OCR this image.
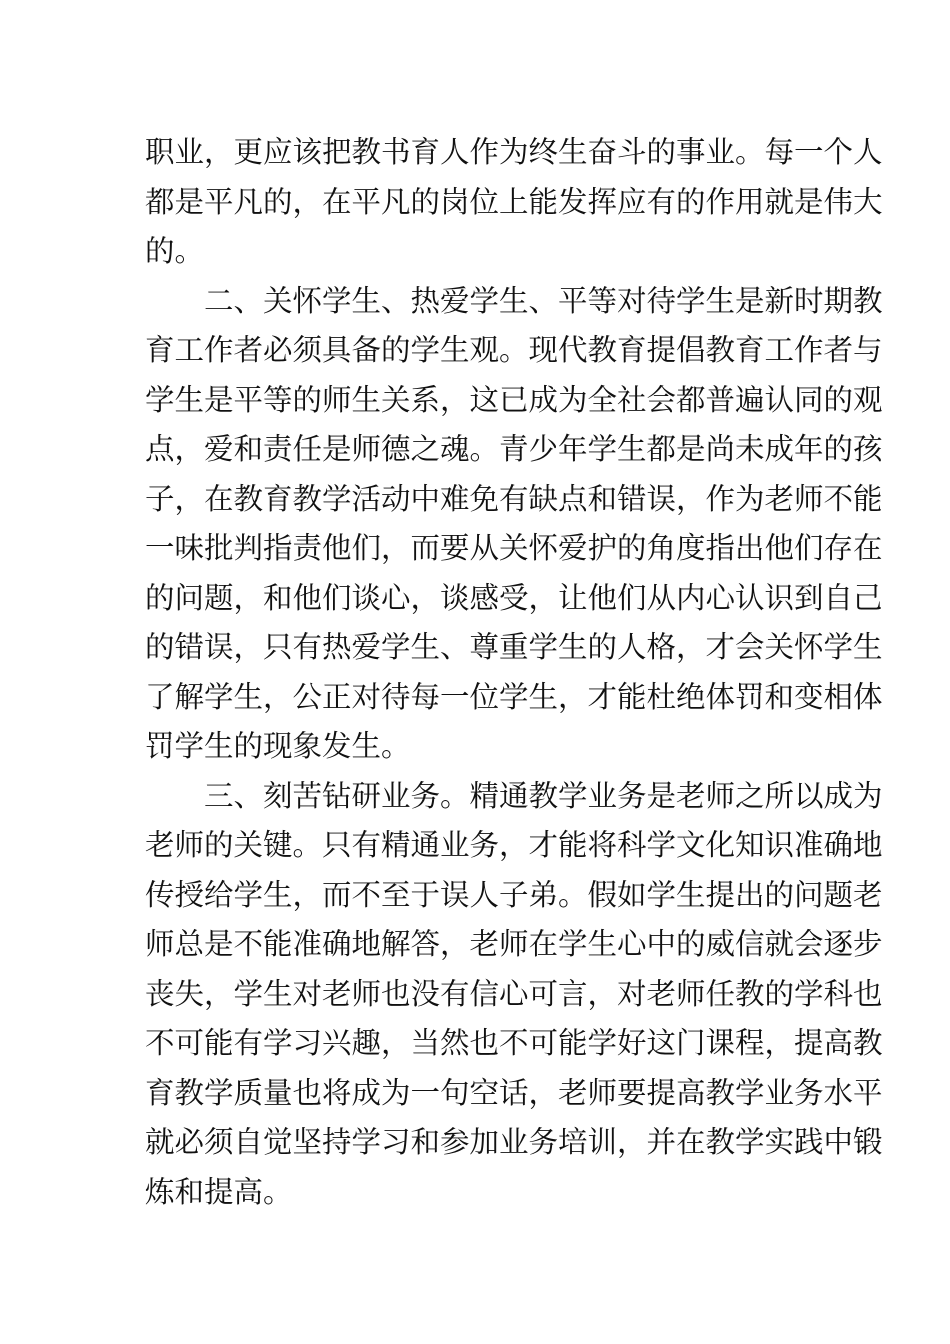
职业，更应该把教书育人作为终生奋斗的事业。每一个人
都是平凡的，在平凡的岗位上能发挥应有的作用就是伟大
的。
二、关怀学生、热爱学生、平等对待学生是新时期教
育工作者必须具备的学生观。现代教育提倡教育工作者与
学生是平等的师生关系，这已成为全社会都普遍认同的观
点，爱和责任是师德之魂。青少年学生都是尚未成年的孩
子，在教育教学活动中难免有缺点和错误，作为老师不能
一味批判指责他们，而要从关怀爱护的角度指出他们存在
的问题，和他们谈心，谈感受，让他们从内心认识到自己
的错误，只有热爱学生、尊重学生的人格，才会关怀学生
了解学生，公正对待每一位学生，才能杜绝体罚和变相体
罚学生的现象发生。
三、刻苦钻研业务。精通教学业务是老师之所以成为
老师的关键。只有精通业务，才能将科学文化知识准确地
传授给学生，而不至于误人子弟。假如学生提出的问题老
师总是不能准确地解答，老师在学生心中的威信就会逐步
丧失，学生对老师也没有信心可言，对老师任教的学科也
不可能有学习兴趣，当然也不可能学好这门课程，提高教
育教学质量也将成为一句空话，老师要提高教学业务水平
就必须自觉坚持学习和参加业务培训，并在教学实践中锻
炼和提高。
